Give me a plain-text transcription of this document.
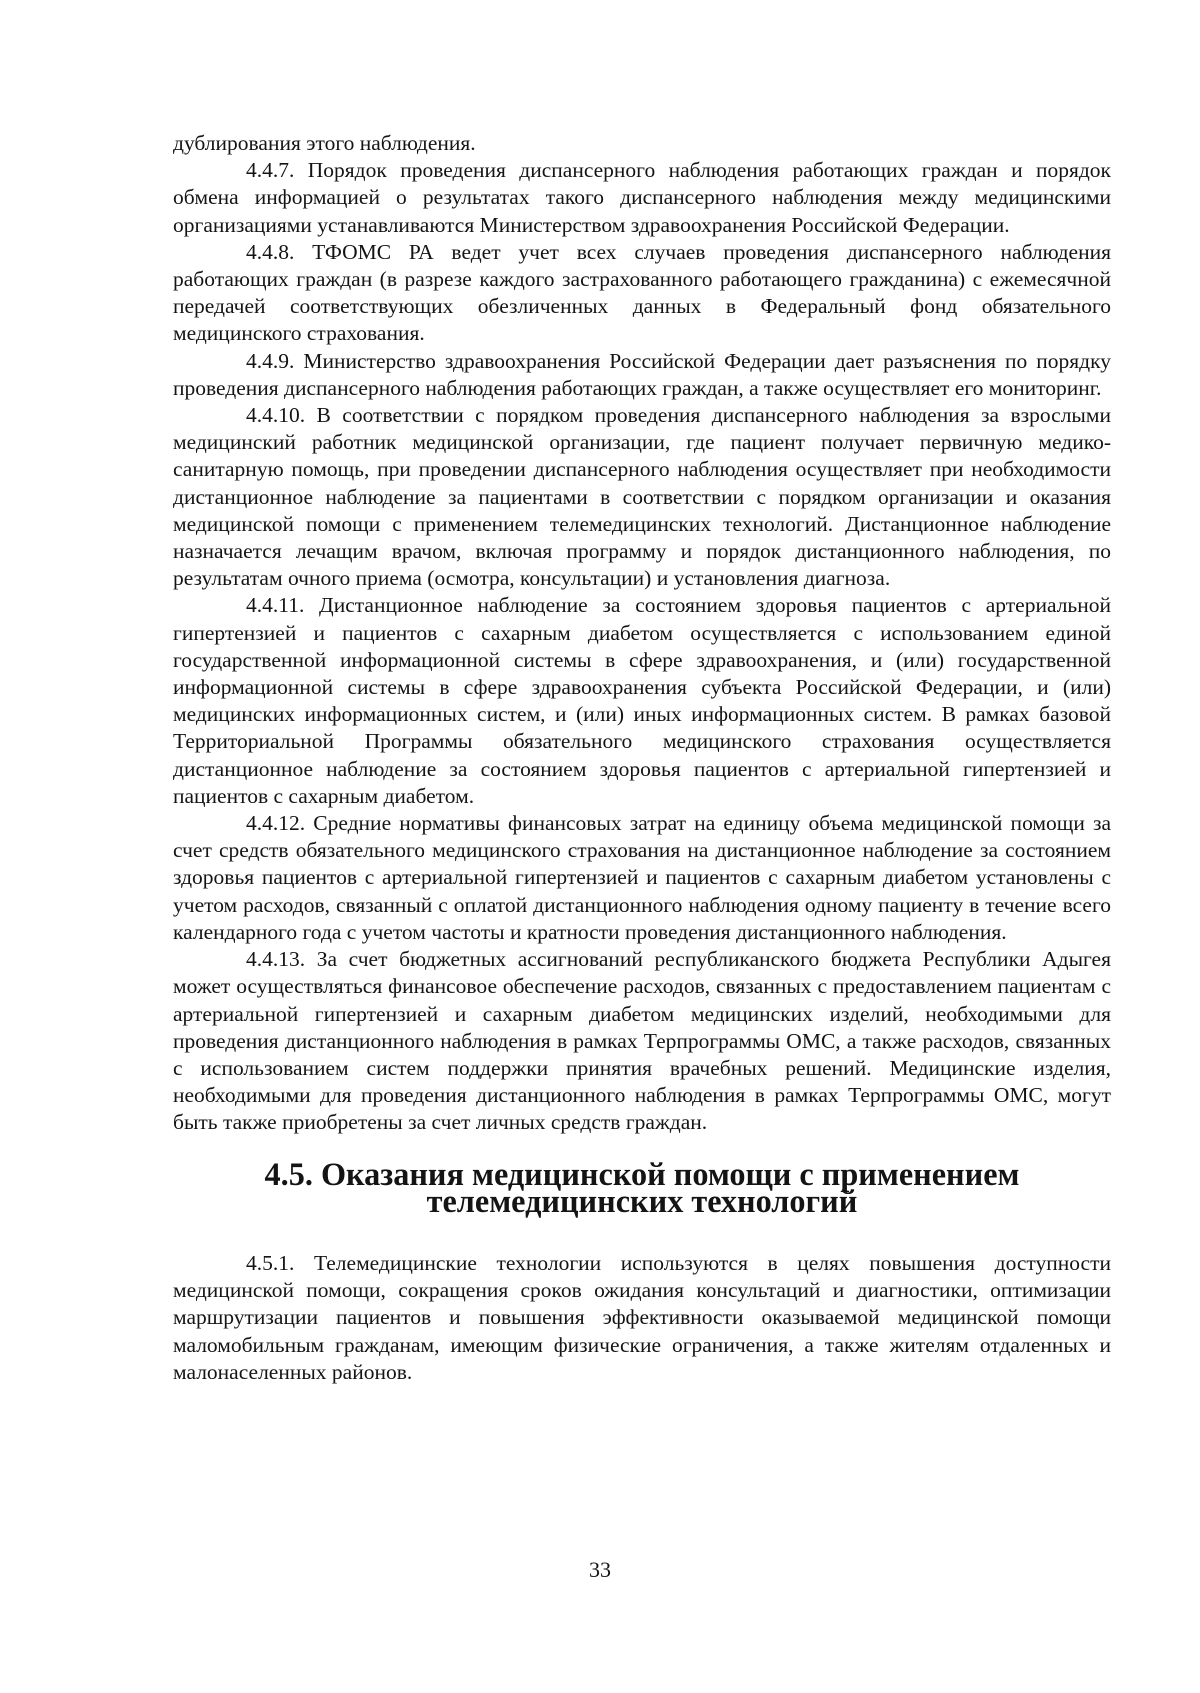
дублирования этого наблюдения.

4.4.7. Порядок проведения диспансерного наблюдения работающих граждан и порядок обмена информацией о результатах такого диспансерного наблюдения между медицинскими организациями устанавливаются Министерством здравоохранения Российской Федерации.

4.4.8. ТФОМС РА ведет учет всех случаев проведения диспансерного наблюдения работающих граждан (в разрезе каждого застрахованного работающего гражданина) с ежемесячной передачей соответствующих обезличенных данных в Федеральный фонд обязательного медицинского страхования.

4.4.9. Министерство здравоохранения Российской Федерации дает разъяснения по порядку проведения диспансерного наблюдения работающих граждан, а также осуществляет его мониторинг.

4.4.10. В соответствии с порядком проведения диспансерного наблюдения за взрослыми медицинский работник медицинской организации, где пациент получает первичную медико-санитарную помощь, при проведении диспансерного наблюдения осуществляет при необходимости дистанционное наблюдение за пациентами в соответствии с порядком организации и оказания медицинской помощи с применением телемедицинских технологий. Дистанционное наблюдение назначается лечащим врачом, включая программу и порядок дистанционного наблюдения, по результатам очного приема (осмотра, консультации) и установления диагноза.

4.4.11. Дистанционное наблюдение за состоянием здоровья пациентов с артериальной гипертензией и пациентов с сахарным диабетом осуществляется с использованием единой государственной информационной системы в сфере здравоохранения, и (или) государственной информационной системы в сфере здравоохранения субъекта Российской Федерации, и (или) медицинских информационных систем, и (или) иных информационных систем. В рамках базовой Территориальной Программы обязательного медицинского страхования осуществляется дистанционное наблюдение за состоянием здоровья пациентов с артериальной гипертензией и пациентов с сахарным диабетом.

4.4.12. Средние нормативы финансовых затрат на единицу объема медицинской помощи за счет средств обязательного медицинского страхования на дистанционное наблюдение за состоянием здоровья пациентов с артериальной гипертензией и пациентов с сахарным диабетом установлены с учетом расходов, связанный с оплатой дистанционного наблюдения одному пациенту в течение всего календарного года с учетом частоты и кратности проведения дистанционного наблюдения.

4.4.13. За счет бюджетных ассигнований республиканского бюджета Республики Адыгея может осуществляться финансовое обеспечение расходов, связанных с предоставлением пациентам с артериальной гипертензией и сахарным диабетом медицинских изделий, необходимыми для проведения дистанционного наблюдения в рамках Терпрограммы ОМС, а также расходов, связанных с использованием систем поддержки принятия врачебных решений. Медицинские изделия, необходимыми для проведения дистанционного наблюдения в рамках Терпрограммы ОМС, могут быть также приобретены за счет личных средств граждан.

4.5. Оказания медицинской помощи с применением телемедицинских технологий

4.5.1. Телемедицинские технологии используются в целях повышения доступности медицинской помощи, сокращения сроков ожидания консультаций и диагностики, оптимизации маршрутизации пациентов и повышения эффективности оказываемой медицинской помощи маломобильным гражданам, имеющим физические ограничения, а также жителям отдаленных и малонаселенных районов.

33
